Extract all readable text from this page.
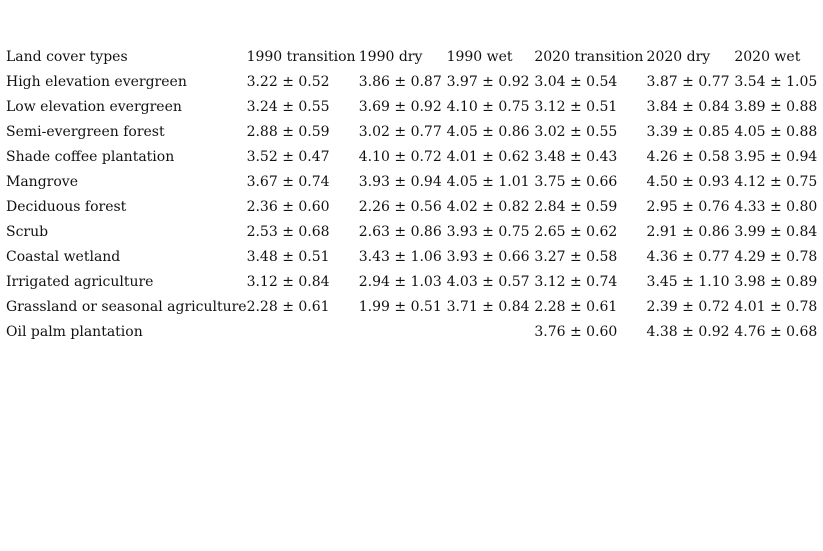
Land cover types	1990 transition	1990 dry	1990 wet	2020 transition	2020 dry	2020 wet
High elevation evergreen	3.22 ± 0.52	3.86 ± 0.87	3.97 ± 0.92	3.04 ± 0.54	3.87 ± 0.77	3.54 ± 1.05
Low elevation evergreen	3.24 ± 0.55	3.69 ± 0.92	4.10 ± 0.75	3.12 ± 0.51	3.84 ± 0.84	3.89 ± 0.88
Semi-evergreen forest	2.88 ± 0.59	3.02 ± 0.77	4.05 ± 0.86	3.02 ± 0.55	3.39 ± 0.85	4.05 ± 0.88
Shade coffee plantation	3.52 ± 0.47	4.10 ± 0.72	4.01 ± 0.62	3.48 ± 0.43	4.26 ± 0.58	3.95 ± 0.94
Mangrove	3.67 ± 0.74	3.93 ± 0.94	4.05 ± 1.01	3.75 ± 0.66	4.50 ± 0.93	4.12 ± 0.75
Deciduous forest	2.36 ± 0.60	2.26 ± 0.56	4.02 ± 0.82	2.84 ± 0.59	2.95 ± 0.76	4.33 ± 0.80
Scrub	2.53 ± 0.68	2.63 ± 0.86	3.93 ± 0.75	2.65 ± 0.62	2.91 ± 0.86	3.99 ± 0.84
Coastal wetland	3.48 ± 0.51	3.43 ± 1.06	3.93 ± 0.66	3.27 ± 0.58	4.36 ± 0.77	4.29 ± 0.78
Irrigated agriculture	3.12 ± 0.84	2.94 ± 1.03	4.03 ± 0.57	3.12 ± 0.74	3.45 ± 1.10	3.98 ± 0.89
Grassland or seasonal agriculture	2.28 ± 0.61	1.99 ± 0.51	3.71 ± 0.84	2.28 ± 0.61	2.39 ± 0.72	4.01 ± 0.78
Oil palm plantation				3.76 ± 0.60	4.38 ± 0.92	4.76 ± 0.68
